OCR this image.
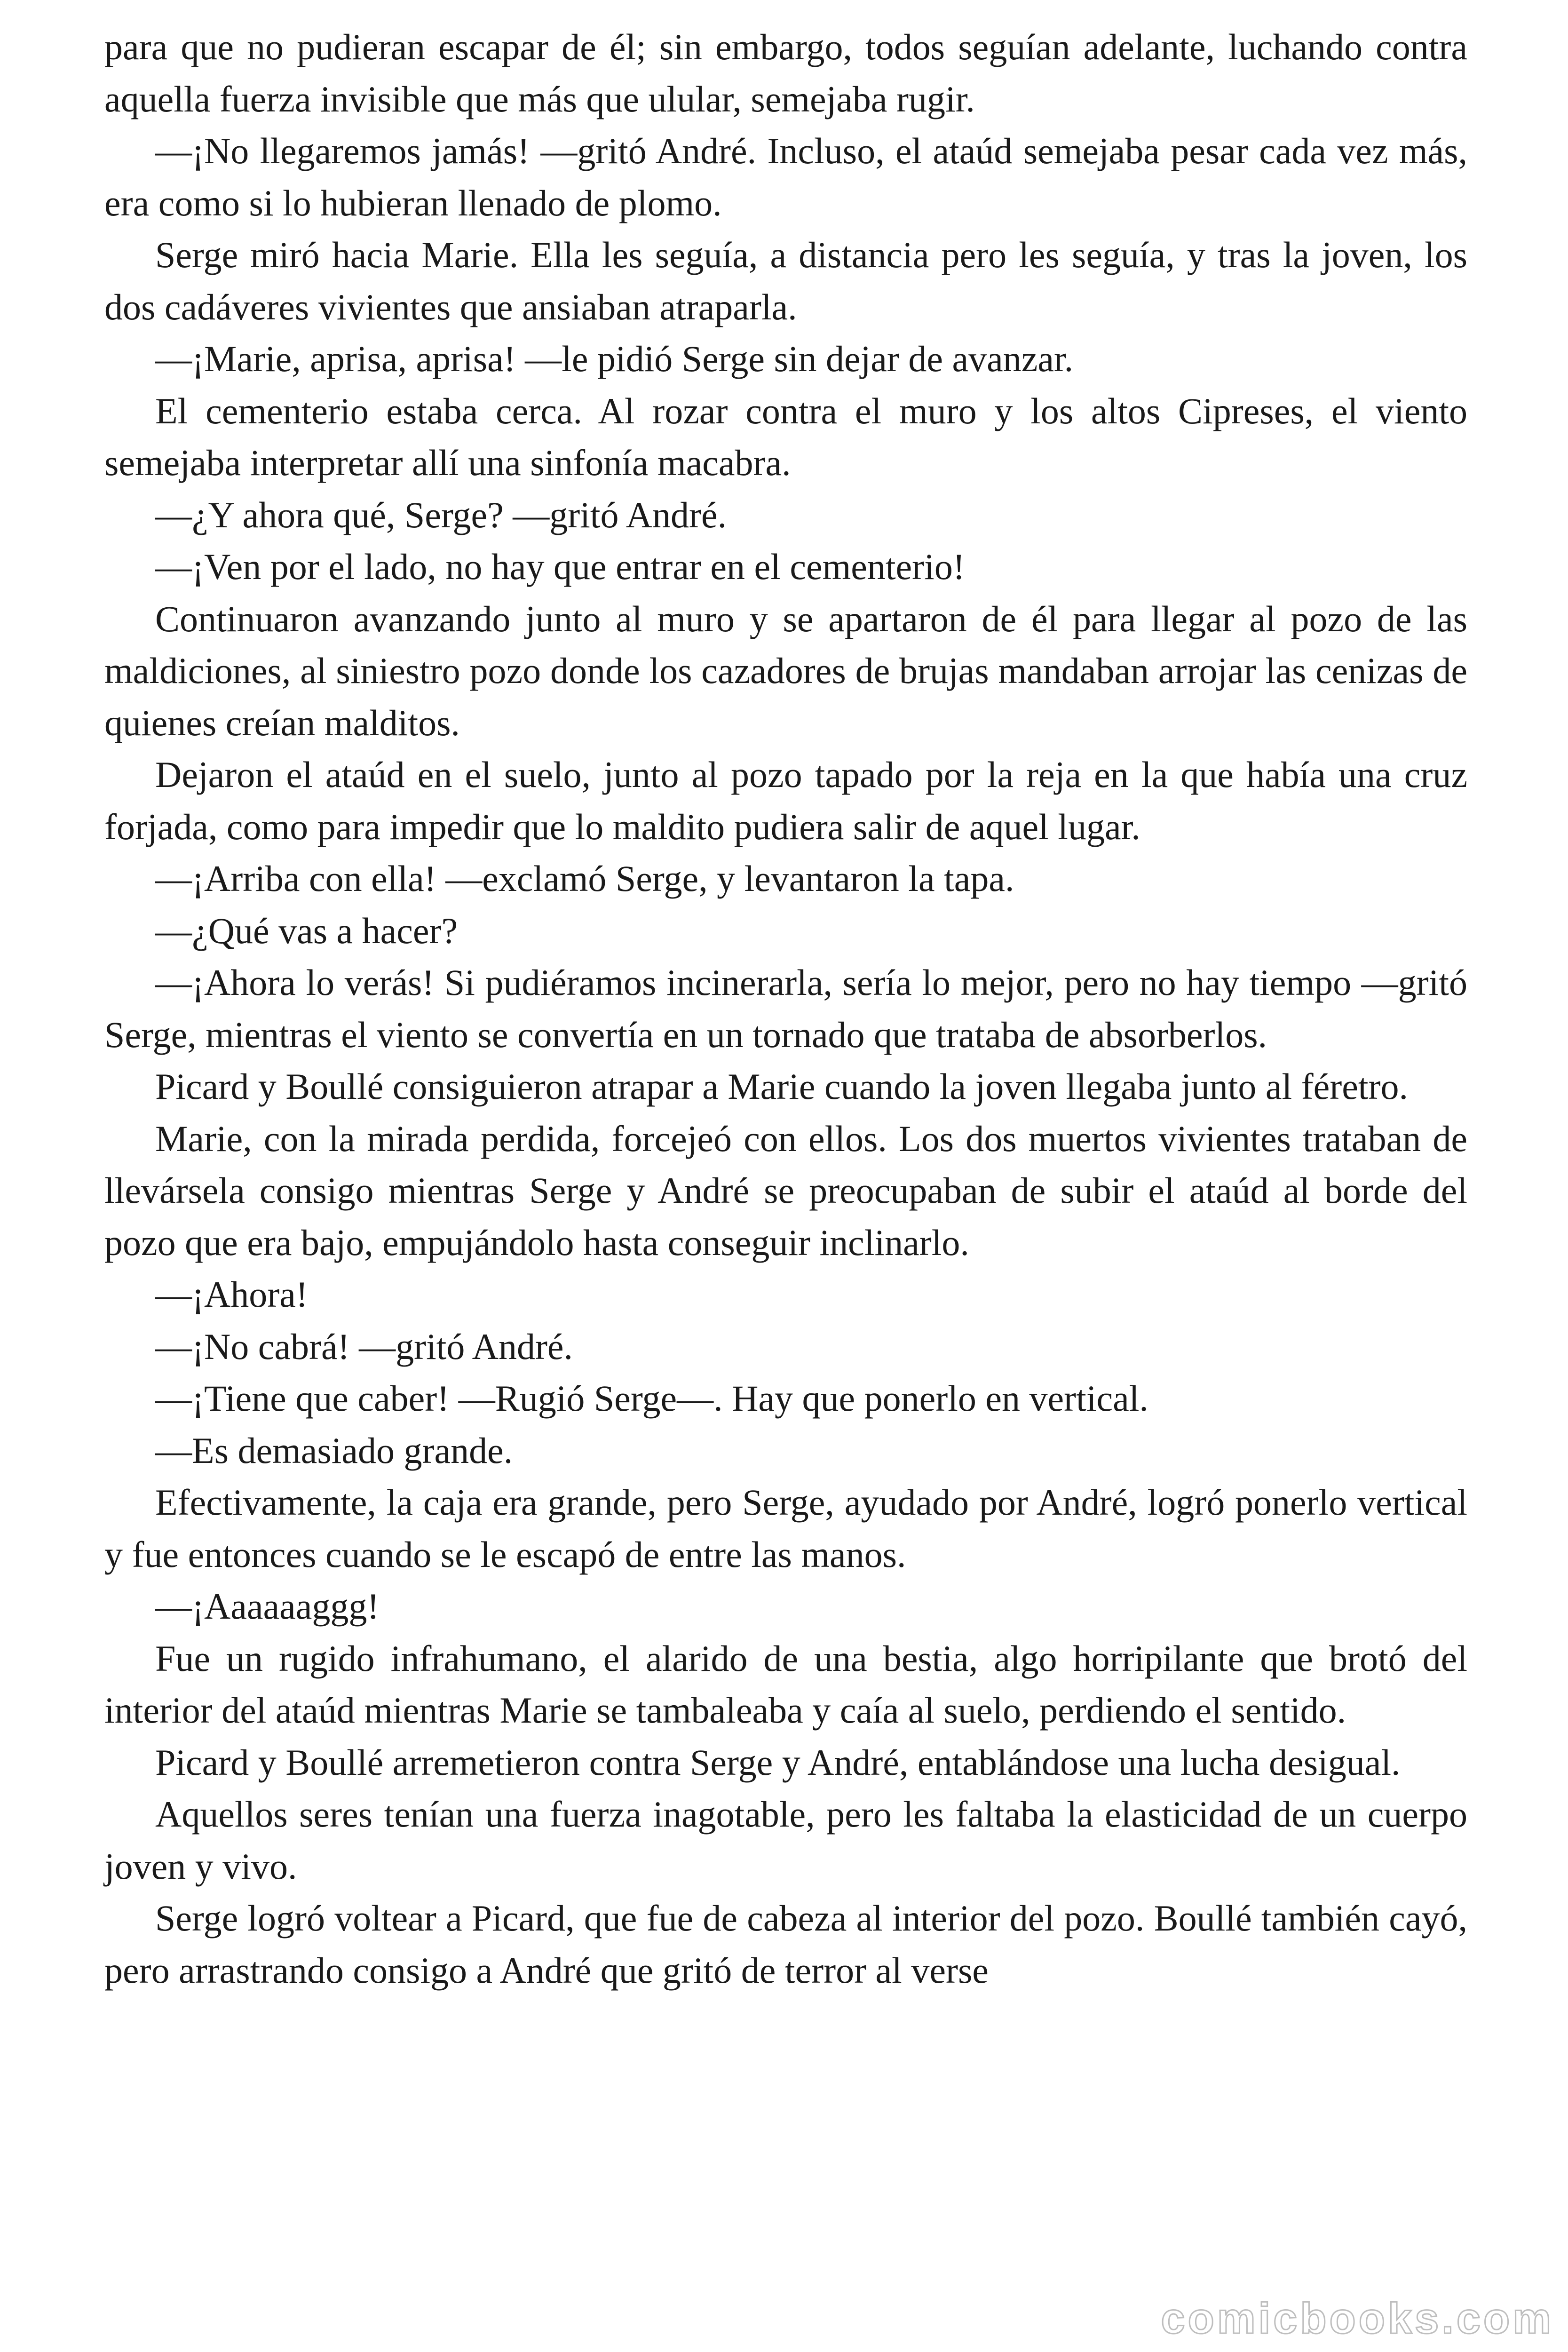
para que no pudieran escapar de él; sin embargo, todos seguían adelante, luchando contra aquella fuerza invisible que más que ulular, semejaba rugir.

—¡No llegaremos jamás! —gritó André. Incluso, el ataúd semejaba pesar cada vez más, era como si lo hubieran llenado de plomo.

Serge miró hacia Marie. Ella les seguía, a distancia pero les seguía, y tras la joven, los dos cadáveres vivientes que ansiaban atraparla.

—¡Marie, aprisa, aprisa! —le pidió Serge sin dejar de avanzar.

El cementerio estaba cerca. Al rozar contra el muro y los altos Cipreses, el viento semejaba interpretar allí una sinfonía macabra.

—¿Y ahora qué, Serge? —gritó André.

—¡Ven por el lado, no hay que entrar en el cementerio!

Continuaron avanzando junto al muro y se apartaron de él para llegar al pozo de las maldiciones, al siniestro pozo donde los cazadores de brujas mandaban arrojar las cenizas de quienes creían malditos.

Dejaron el ataúd en el suelo, junto al pozo tapado por la reja en la que había una cruz forjada, como para impedir que lo maldito pudiera salir de aquel lugar.

—¡Arriba con ella! —exclamó Serge, y levantaron la tapa.

—¿Qué vas a hacer?

—¡Ahora lo verás! Si pudiéramos incinerarla, sería lo mejor, pero no hay tiempo —gritó Serge, mientras el viento se convertía en un tornado que trataba de absorberlos.

Picard y Boullé consiguieron atrapar a Marie cuando la joven llegaba junto al féretro.

Marie, con la mirada perdida, forcejeó con ellos. Los dos muertos vivientes trataban de llevársela consigo mientras Serge y André se preocupaban de subir el ataúd al borde del pozo que era bajo, empujándolo hasta conseguir inclinarlo.

—¡Ahora!

—¡No cabrá! —gritó André.

—¡Tiene que caber! —Rugió Serge—. Hay que ponerlo en vertical.

—Es demasiado grande.

Efectivamente, la caja era grande, pero Serge, ayudado por André, logró ponerlo vertical y fue entonces cuando se le escapó de entre las manos.

—¡Aaaaaaggg!

Fue un rugido infrahumano, el alarido de una bestia, algo horripilante que brotó del interior del ataúd mientras Marie se tambaleaba y caía al suelo, perdiendo el sentido.

Picard y Boullé arremetieron contra Serge y André, entablándose una lucha desigual.

Aquellos seres tenían una fuerza inagotable, pero les faltaba la elasticidad de un cuerpo joven y vivo.

Serge logró voltear a Picard, que fue de cabeza al interior del pozo. Boullé también cayó, pero arrastrando consigo a André que gritó de terror al verse

comicbooks.com
